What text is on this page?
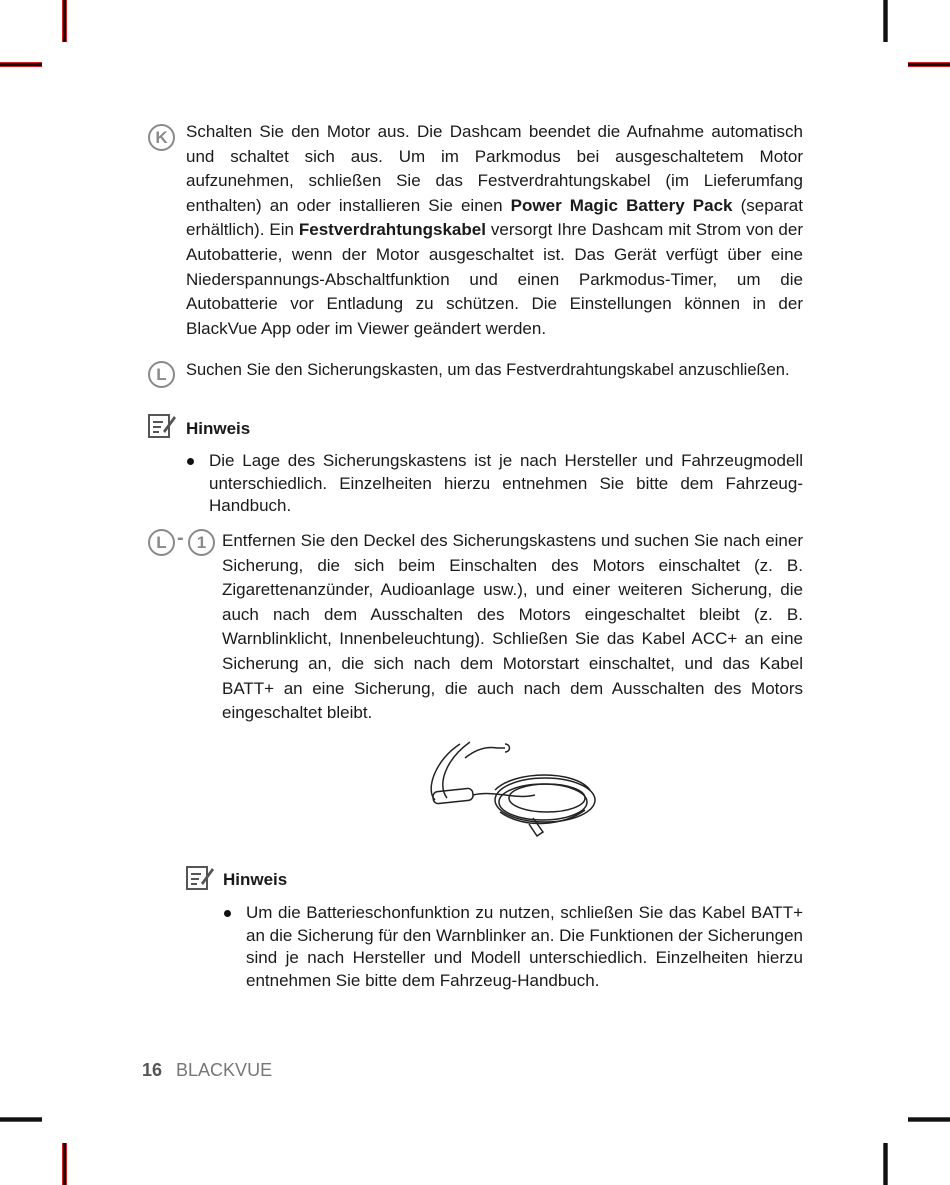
K	Schalten Sie den Motor aus. Die Dashcam beendet die Aufnahme automatisch und schaltet sich aus. Um im Parkmodus bei ausgeschaltetem Motor aufzunehmen, schließen Sie das Festverdrahtungskabel (im Lieferumfang enthalten) an oder installieren Sie einen Power Magic Battery Pack (separat erhältlich). Ein Festverdrahtungskabel versorgt Ihre Dashcam mit Strom von der Autobatterie, wenn der Motor ausgeschaltet ist. Das Gerät verfügt über eine Niederspannungs-Abschaltfunktion und einen Parkmodus-Timer, um die Autobatterie vor Entladung zu schützen. Die Einstellungen können in der BlackVue App oder im Viewer geändert werden.

L	Suchen Sie den Sicherungskasten, um das Festverdrahtungskabel anzuschließen.

Hinweis
Die Lage des Sicherungskastens ist je nach Hersteller und Fahrzeugmodell unterschiedlich. Einzelheiten hierzu entnehmen Sie bitte dem Fahrzeug-Handbuch.
L - 1 Entfernen Sie den Deckel des Sicherungskastens und suchen Sie nach einer Sicherung, die sich beim Einschalten des Motors einschaltet (z. B. Zigarettenanzünder, Audioanlage usw.), und einer weiteren Sicherung, die auch nach dem Ausschalten des Motors eingeschaltet bleibt (z. B. Warnblinklicht, Innenbeleuchtung). Schließen Sie das Kabel ACC+ an eine Sicherung an, die sich nach dem Motorstart einschaltet, und das Kabel BATT+ an eine Sicherung, die auch nach dem Ausschalten des Motors eingeschaltet bleibt.

Hinweis
Um die Batterieschonfunktion zu nutzen, schließen Sie das Kabel BATT+ an die Sicherung für den Warnblinker an. Die Funktionen der Sicherungen sind je nach Hersteller und Modell unterschiedlich. Einzelheiten hierzu entnehmen Sie bitte dem Fahrzeug-Handbuch.
16 BLACKVUE
